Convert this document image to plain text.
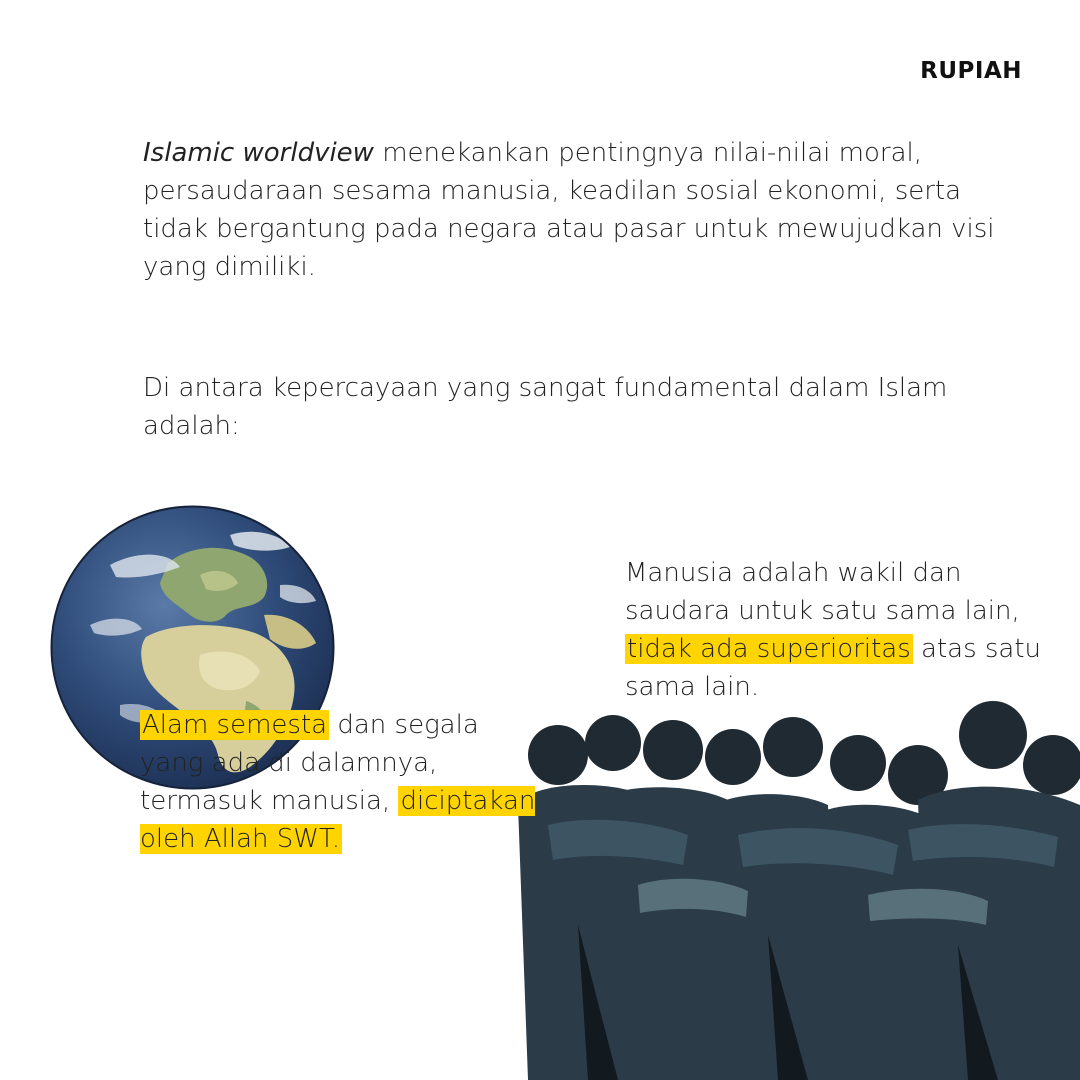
RUPIAH

Islamic worldview menekankan pentingnya nilai-nilai moral, persaudaraan sesama manusia, keadilan sosial ekonomi, serta tidak bergantung pada negara atau pasar untuk mewujudkan visi yang dimiliki.

Di antara kepercayaan yang sangat fundamental dalam Islam adalah:

Alam semesta dan segala yang ada di dalamnya, termasuk manusia, diciptakan oleh Allah SWT.

Manusia adalah wakil dan saudara untuk satu sama lain, tidak ada superioritas atas satu sama lain.
